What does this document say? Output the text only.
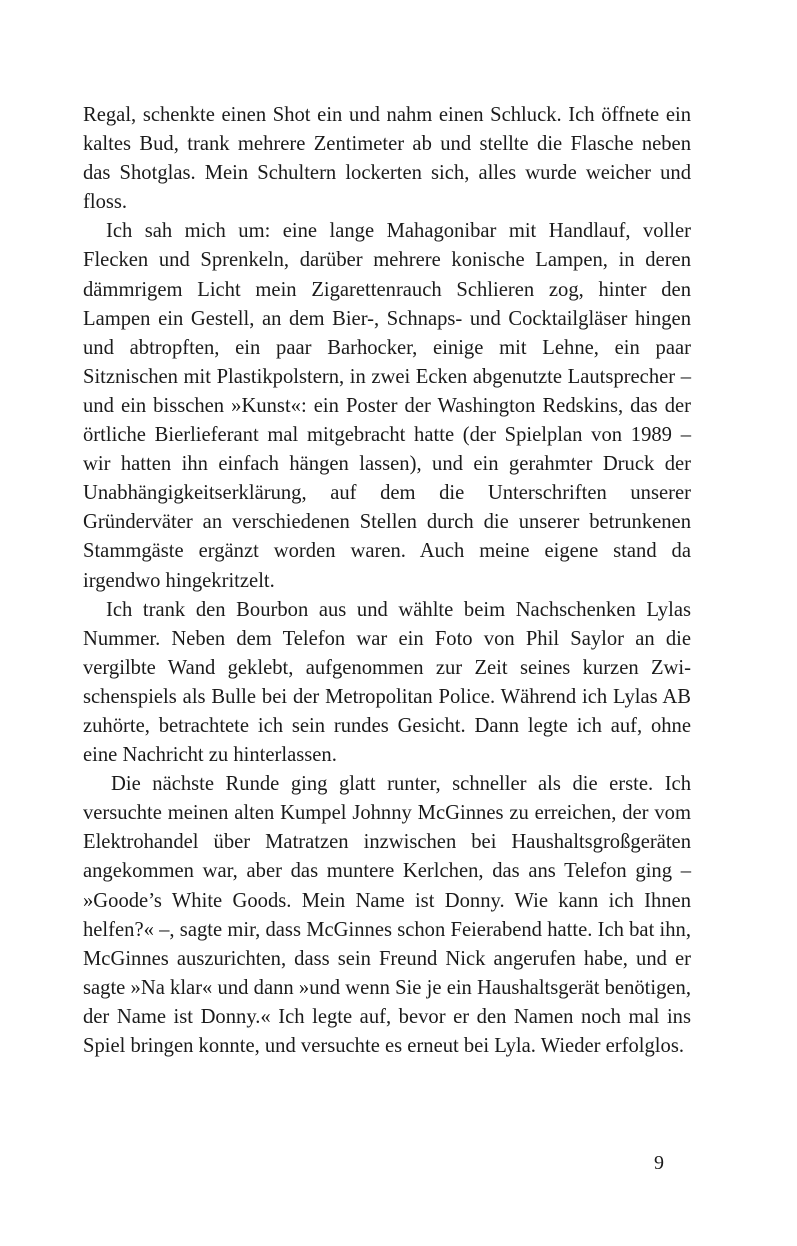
Regal, schenkte einen Shot ein und nahm einen Schluck. Ich öffnete ein kaltes Bud, trank mehrere Zentimeter ab und stellte die Flasche neben das Shotglas. Mein Schultern lockerten sich, alles wurde weicher und floss.

Ich sah mich um: eine lange Mahagonibar mit Handlauf, voller Flecken und Sprenkeln, darüber mehrere konische Lampen, in deren dämmrigem Licht mein Zigarettenrauch Schlieren zog, hinter den Lampen ein Gestell, an dem Bier-, Schnaps- und Cocktailgläser hingen und abtropften, ein paar Barhocker, einige mit Lehne, ein paar Sitznischen mit Plastikpolstern, in zwei Ecken abgenutzte Lautsprecher – und ein bisschen »Kunst«: ein Poster der Washington Redskins, das der örtliche Bierlieferant mal mitgebracht hatte (der Spielplan von 1989 – wir hatten ihn einfach hängen lassen), und ein gerahmter Druck der Unabhängigkeitserklärung, auf dem die Unterschriften unserer Gründerväter an verschiedenen Stellen durch die unserer betrunkenen Stammgäste ergänzt worden waren. Auch meine eigene stand da irgendwo hingekritzelt.

Ich trank den Bourbon aus und wählte beim Nachschenken Lylas Nummer. Neben dem Telefon war ein Foto von Phil Saylor an die vergilbte Wand geklebt, aufgenommen zur Zeit seines kurzen Zwischenspiels als Bulle bei der Metropolitan Police. Während ich Lylas AB zuhörte, betrachtete ich sein rundes Gesicht. Dann legte ich auf, ohne eine Nachricht zu hinterlassen.

Die nächste Runde ging glatt runter, schneller als die erste. Ich versuchte meinen alten Kumpel Johnny McGinnes zu erreichen, der vom Elektrohandel über Matratzen inzwischen bei Haushaltsgroßgeräten angekommen war, aber das muntere Kerlchen, das ans Telefon ging – »Goode’s White Goods. Mein Name ist Donny. Wie kann ich Ihnen helfen?« –, sagte mir, dass McGinnes schon Feierabend hatte. Ich bat ihn, McGinnes auszurichten, dass sein Freund Nick angerufen habe, und er sagte »Na klar« und dann »und wenn Sie je ein Haushaltsgerät benötigen, der Name ist Donny.« Ich legte auf, bevor er den Namen noch mal ins Spiel bringen konnte, und versuchte es erneut bei Lyla. Wieder erfolglos.

9
